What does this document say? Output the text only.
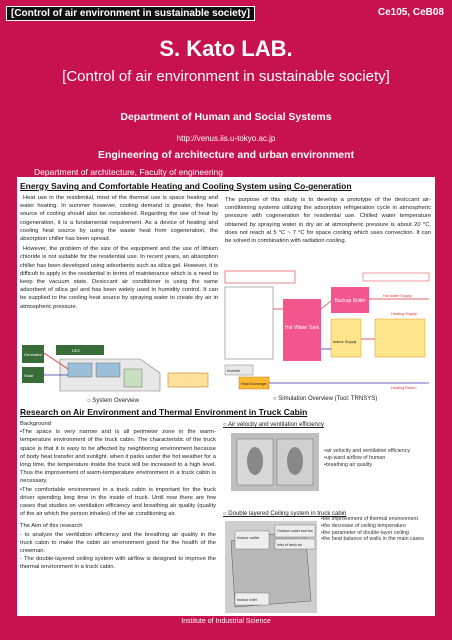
[Control of air environment in sustainable society]	Ce105, CeB08
S. Kato LAB.
[Control of air environment in sustainable society]
Department of Human and Social Systems
http://venus.iis.u-tokyo.ac.jp
Engineering of architecture and urban environment
Department of architecture, Faculty of engineering
Energy Saving and Comfortable Heating and Cooling System using Co-generation
Heat use in the residential, most of the thermal use is space heating and water heating. In summer however, cooling demand is greater, the heat source of cooling should also be considered. Regarding the use of heat by cogeneration, it is a fundamental requirement. As a device of heating and cooling heat source by using the waste heat from cogeneration, the absorption chiller has been spread.
However, the problem of the size of the equipment and the use of lithium chloride is not suitable for the residential use. In recent years, an absorption chiller has been developed using adsorbents such as silica gel. However, it is difficult to apply in the residential in terms of maintenance which is a need to keep the vacuum state. Desiccant air conditioner is using the same adsorbent of silica gel and has been widely used in humidity control. It can be supplied to the cooling heat source by spraying water to create dry air in atmospheric pressure.
The purpose of this study is to develop a prototype of the desiccant air-conditioning systems utilizing the adsorption refrigeration cycle in atmospheric pressure with cogeneration for residential use. Chilled water temperature obtained by spraying water in dry air at atmospheric pressure is about 20 °C, does not reach at 5 °C ~ 7 °C for space cooling which uses convection. It can be solved in combination with radiation cooling.
Generator
Solar
DEC
○ System Overview
Hot Water Tank
Backup Boiler
Inverter
Heat Exchanger
Hot water Supply
Heating Supply
Heating Return
Indoor Supply
○ Simulation Overview (Tool: TRNSYS)
Research on Air Environment and Thermal Environment in Truck Cabin
Background
•The space is very narrow and is all perimeter zone in the warm-temperature environment of the truck cabin. The characteristic of the truck space is that it is easy to be affected by neighboring environment because of body heat transfer and sunlight. when it parks under the hot weather for a long time, the temperature inside the truck will be increased to a high level. Thus the improvement of warm-temperature environment in a truck cabin is necessary.
•The comfortable environment in a truck cabin is important for the truck driver spending long time in the inside of truck. Until now there are few cases that studies on ventilation efficiency and breathing air quality (quality of the air which the person inhales) of the air conditioning air.
The Aim of this research
- to analyze the ventilation efficiency and the breathing air quality in the truck cabin to make the cabin air environment good for the health of the crewman.
- The double-layered ceiling system with airflow is designed to improve the thermal environment in a truck cabin.
○ Air velocity and ventilation efficiency
•air velocity and ventilation efficiency
•up-ward airflow of human
•breathing air quality
○ Double layered Ceiling system in truck cabin
Indoor outlet
Outdoor outlet and fan
Inlet of fresh air
Indoor inlet
•the improvement of thermal environment
•the decrease of ceiling temperature
•the parameter of double-layer ceiling
•the heat balance of walls in the main cases
Institute of Industrial Science
